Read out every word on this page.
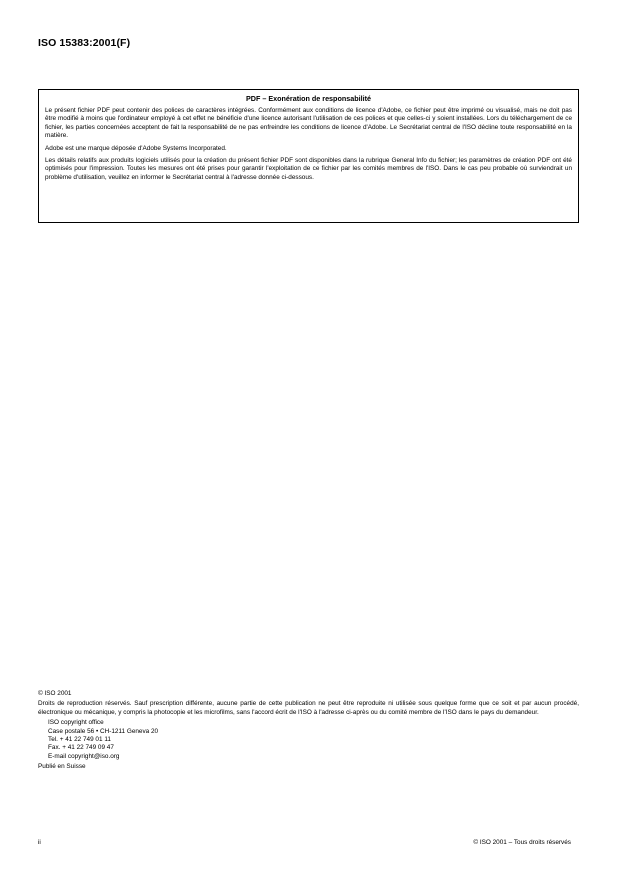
ISO 15383:2001(F)
PDF – Exonération de responsabilité

Le présent fichier PDF peut contenir des polices de caractères intégrées. Conformément aux conditions de licence d'Adobe, ce fichier peut être imprimé ou visualisé, mais ne doit pas être modifié à moins que l'ordinateur employé à cet effet ne bénéficie d'une licence autorisant l'utilisation de ces polices et que celles-ci y soient installées. Lors du téléchargement de ce fichier, les parties concernées acceptent de fait la responsabilité de ne pas enfreindre les conditions de licence d'Adobe. Le Secrétariat central de l'ISO décline toute responsabilité en la matière.

Adobe est une marque déposée d'Adobe Systems Incorporated.

Les détails relatifs aux produits logiciels utilisés pour la création du présent fichier PDF sont disponibles dans la rubrique General Info du fichier; les paramètres de création PDF ont été optimisés pour l'impression. Toutes les mesures ont été prises pour garantir l'exploitation de ce fichier par les comités membres de l'ISO. Dans le cas peu probable où surviendrait un problème d'utilisation, veuillez en informer le Secrétariat central à l'adresse donnée ci-dessous.

© ISO 2001

Droits de reproduction réservés. Sauf prescription différente, aucune partie de cette publication ne peut être reproduite ni utilisée sous quelque forme que ce soit et par aucun procédé, électronique ou mécanique, y compris la photocopie et les microfilms, sans l'accord écrit de l'ISO à l'adresse ci-après ou du comité membre de l'ISO dans le pays du demandeur.

ISO copyright office
Case postale 56 • CH-1211 Geneva 20
Tel. + 41 22 749 01 11
Fax. + 41 22 749 09 47
E-mail copyright@iso.org

Publié en Suisse

ii	© ISO 2001 – Tous droits réservés
